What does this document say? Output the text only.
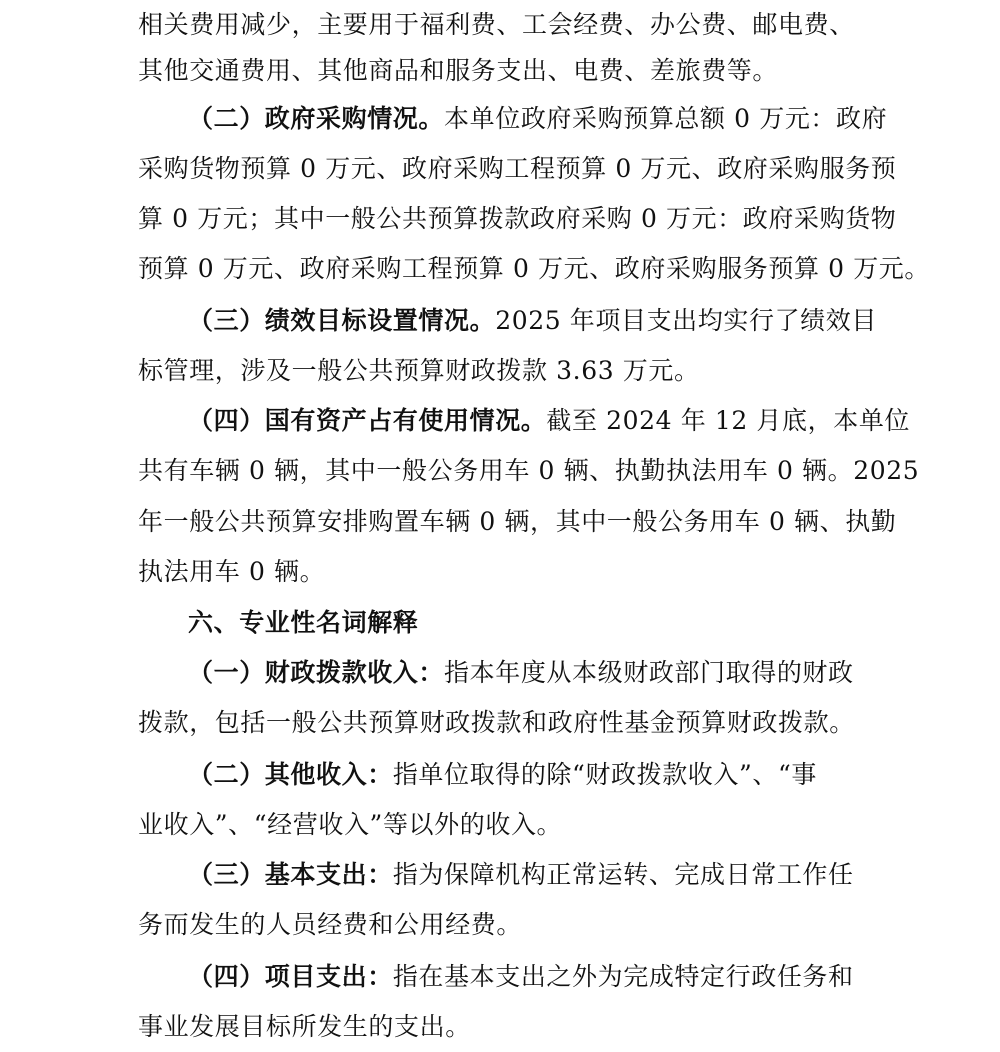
相关费用减少，主要用于福利费、工会经费、办公费、邮电费、
其他交通费用、其他商品和服务支出、电费、差旅费等。
（二）政府采购情况。本单位政府采购预算总额 0 万元：政府
采购货物预算 0 万元、政府采购工程预算 0 万元、政府采购服务预
算 0 万元；其中一般公共预算拨款政府采购 0 万元：政府采购货物
预算 0 万元、政府采购工程预算 0 万元、政府采购服务预算 0 万元。
（三）绩效目标设置情况。2025 年项目支出均实行了绩效目
标管理，涉及一般公共预算财政拨款 3.63 万元。
（四）国有资产占有使用情况。截至 2024 年 12 月底，本单位
共有车辆 0 辆，其中一般公务用车 0 辆、执勤执法用车 0 辆。2025
年一般公共预算安排购置车辆 0 辆，其中一般公务用车 0 辆、执勤
执法用车 0 辆。
六、专业性名词解释
（一）财政拨款收入：指本年度从本级财政部门取得的财政
拨款，包括一般公共预算财政拨款和政府性基金预算财政拨款。
（二）其他收入：指单位取得的除“财政拨款收入”、“事
业收入”、“经营收入”等以外的收入。
（三）基本支出：指为保障机构正常运转、完成日常工作任
务而发生的人员经费和公用经费。
（四）项目支出：指在基本支出之外为完成特定行政任务和
事业发展目标所发生的支出。
